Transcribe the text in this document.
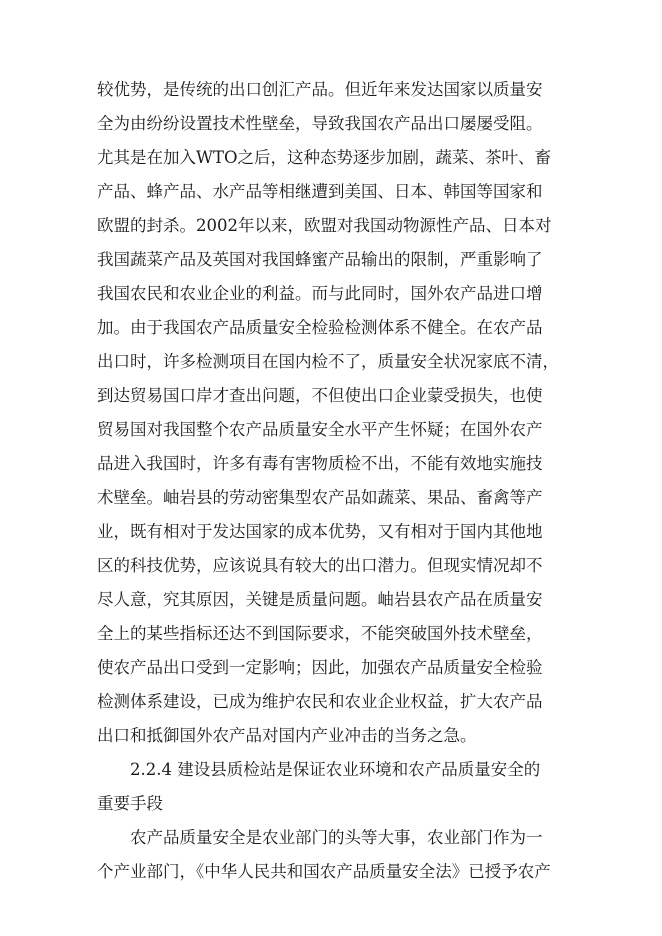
较优势，是传统的出口创汇产品。但近年来发达国家以质量安
全为由纷纷设置技术性壁垒，导致我国农产品出口屡屡受阻。
尤其是在加入WTO之后，这种态势逐步加剧，蔬菜、茶叶、畜
产品、蜂产品、水产品等相继遭到美国、日本、韩国等国家和
欧盟的封杀。2002年以来，欧盟对我国动物源性产品、日本对
我国蔬菜产品及英国对我国蜂蜜产品输出的限制，严重影响了
我国农民和农业企业的利益。而与此同时，国外农产品进口增
加。由于我国农产品质量安全检验检测体系不健全。在农产品
出口时，许多检测项目在国内检不了，质量安全状况家底不清，
到达贸易国口岸才查出问题，不但使出口企业蒙受损失，也使
贸易国对我国整个农产品质量安全水平产生怀疑；在国外农产
品进入我国时，许多有毒有害物质检不出，不能有效地实施技
术壁垒。岫岩县的劳动密集型农产品如蔬菜、果品、畜禽等产
业，既有相对于发达国家的成本优势，又有相对于国内其他地
区的科技优势，应该说具有较大的出口潜力。但现实情况却不
尽人意，究其原因，关键是质量问题。岫岩县农产品在质量安
全上的某些指标还达不到国际要求，不能突破国外技术壁垒，
使农产品出口受到一定影响；因此，加强农产品质量安全检验
检测体系建设，已成为维护农民和农业企业权益，扩大农产品
出口和抵御国外农产品对国内产业冲击的当务之急。
2.2.4 建设县质检站是保证农业环境和农产品质量安全的
重要手段
农产品质量安全是农业部门的头等大事，农业部门作为一
个产业部门，《中华人民共和国农产品质量安全法》已授予农产
